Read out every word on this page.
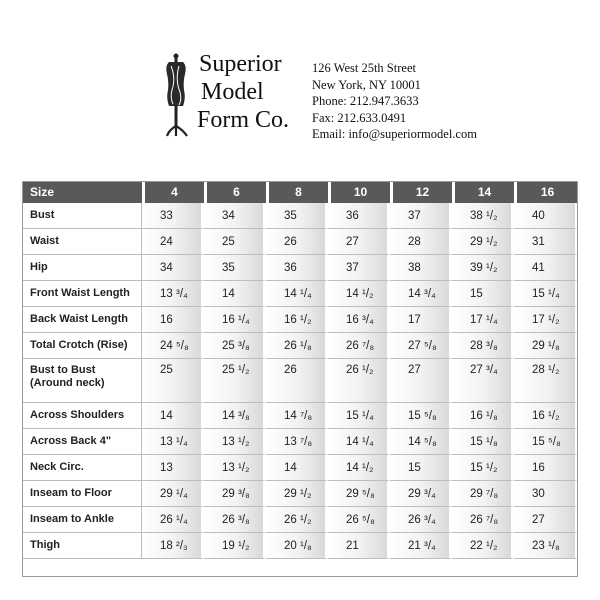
Superior
Model
Form Co.
126 West 25th Street
New York, NY 10001
Phone: 212.947.3633
Fax: 212.633.0491
Email: info@superiormodel.com
Size	4	6	8	10	12	14	16
Bust	33	34	35	36	37	38 ¹/₂	40
Waist	24	25	26	27	28	29 ¹/₂	31
Hip	34	35	36	37	38	39 ¹/₂	41
Front Waist Length	13 ³/₄	14	14 ¹/₄	14 ¹/₂	14 ³/₄	15	15 ¹/₄
Back Waist Length	16	16 ¹/₄	16 ¹/₂	16 ³/₄	17	17 ¹/₄	17 ¹/₂
Total Crotch (Rise)	24 ⁵/₈	25 ³/₈	26 ¹/₈	26 ⁷/₈	27 ⁵/₈	28 ³/₈	29 ¹/₈

Bust to Bust
(Around neck)	25	25 ¹/₂	26	26 ¹/₂	27	27 ³/₄	28 ¹/₂
Across Shoulders	14	14 ³/₈	14 ⁷/₈	15 ¹/₄	15 ⁵/₈	16 ¹/₈	16 ¹/₂
Across Back 4"	13 ¹/₄	13 ¹/₂	13 ⁷/₈	14 ¹/₄	14 ⁵/₈	15 ¹/₈	15 ⁵/₈
Neck Circ.	13	13 ¹/₂	14	14 ¹/₂	15	15 ¹/₂	16
Inseam to Floor	29 ¹/₄	29 ³/₈	29 ¹/₂	29 ⁵/₈	29 ³/₄	29 ⁷/₈	30
Inseam to Ankle	26 ¹/₄	26 ³/₈	26 ¹/₂	26 ⁵/₈	26 ³/₄	26 ⁷/₈	27
Thigh	18 ²/₃	19 ¹/₂	20 ¹/₈	21	21 ³/₄	22 ¹/₂	23 ¹/₈
